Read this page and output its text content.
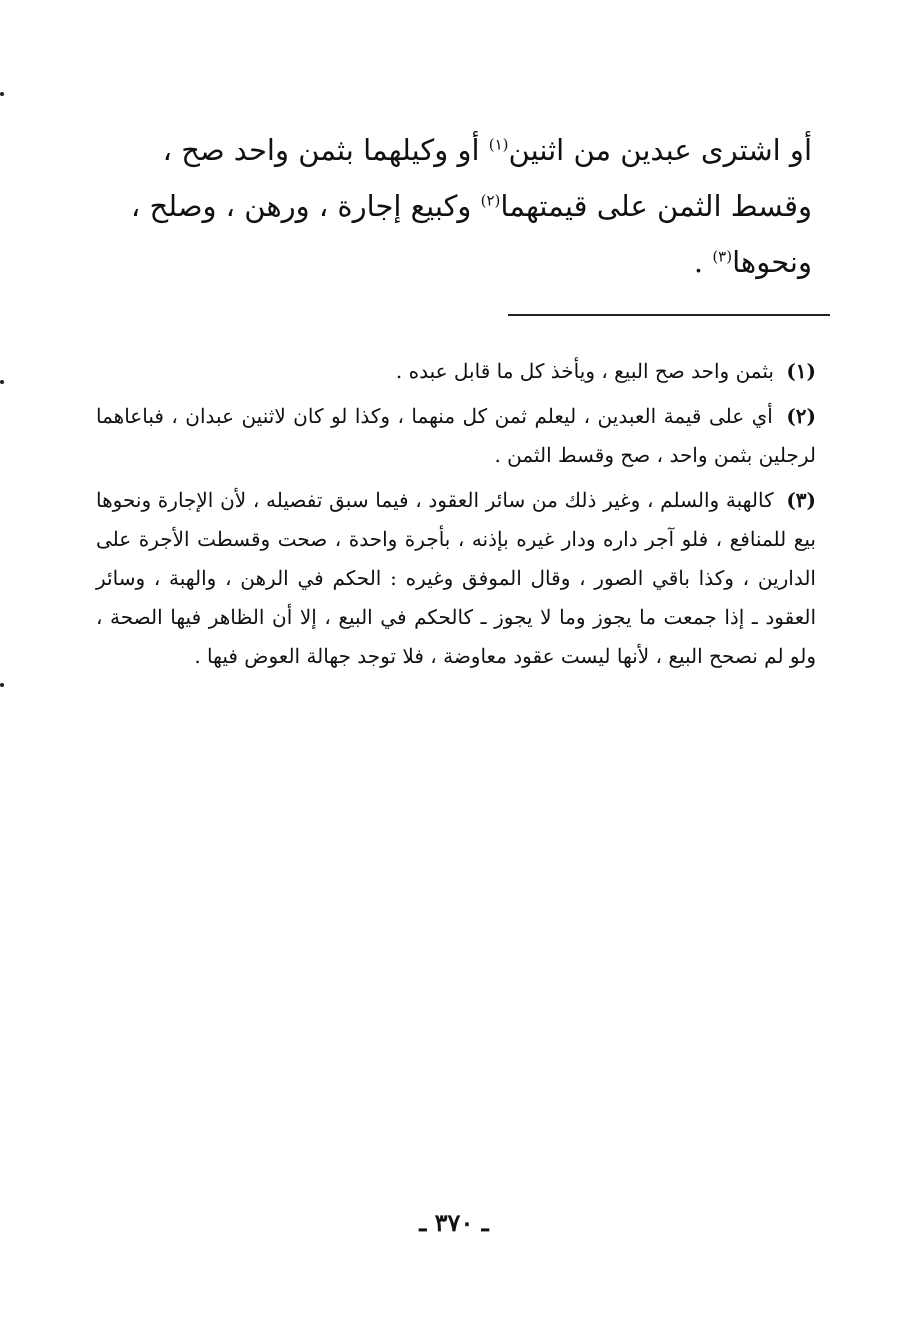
أو اشترى عبدين من اثنين$^{(١)}$ أو وكيلهما بثمن واحد صح ،
وقسط الثمن على قيمتهما$^{(٢)}$ وكبيع إجارة ، ورهن ، وصلح ،
ونحوها$^{(٣)}$ .

(١) بثمن واحد صح البيع ، ويأخذ كل ما قابل عبده .

(٢) أي على قيمة العبدين ، ليعلم ثمن كل منهما ، وكذا لو كان لاثنين عبدان ، فباعاهما لرجلين بثمن واحد ، صح وقسط الثمن .

(٣) كالهبة والسلم ، وغير ذلك من سائر العقود ، فيما سبق تفصيله ، لأن الإجارة ونحوها بيع للمنافع ، فلو آجر داره ودار غيره بإذنه ، بأجرة واحدة ، صحت وقسطت الأجرة على الدارين ، وكذا باقي الصور ، وقال الموفق وغيره : الحكم في الرهن ، والهبة ، وسائر العقود ـ إذا جمعت ما يجوز وما لا يجوز ـ كالحكم في البيع ، إلا أن الظاهر فيها الصحة ، ولو لم نصحح البيع ، لأنها ليست عقود معاوضة ، فلا توجد جهالة العوض فيها .

ـ ٣٧٠ ـ
